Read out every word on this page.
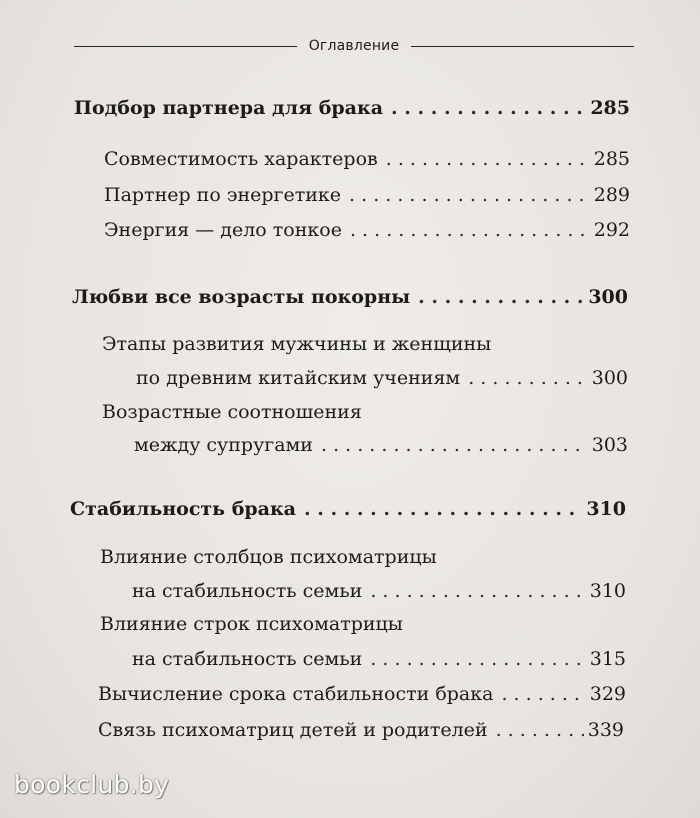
Оглавление
Подбор партнера для брака . . .	285
Совместимость характеров . . .	285
Партнер по энергетике . . .	289
Энергия — дело тонкое . . .	292
Любви все возрасты покорны . . .	300
Этапы развития мужчины и женщины
по древним китайским учениям . . .	300
Возрастные соотношения
между супругами . . .	303
Стабильность брака . . .	310
Влияние столбцов психоматрицы
на стабильность семьи . . .	310
Влияние строк психоматрицы
на стабильность семьи . . .	315
Вычисление срока стабильности брака . . .	329
Связь психоматриц детей и родителей . . .	339
bookclub.by
